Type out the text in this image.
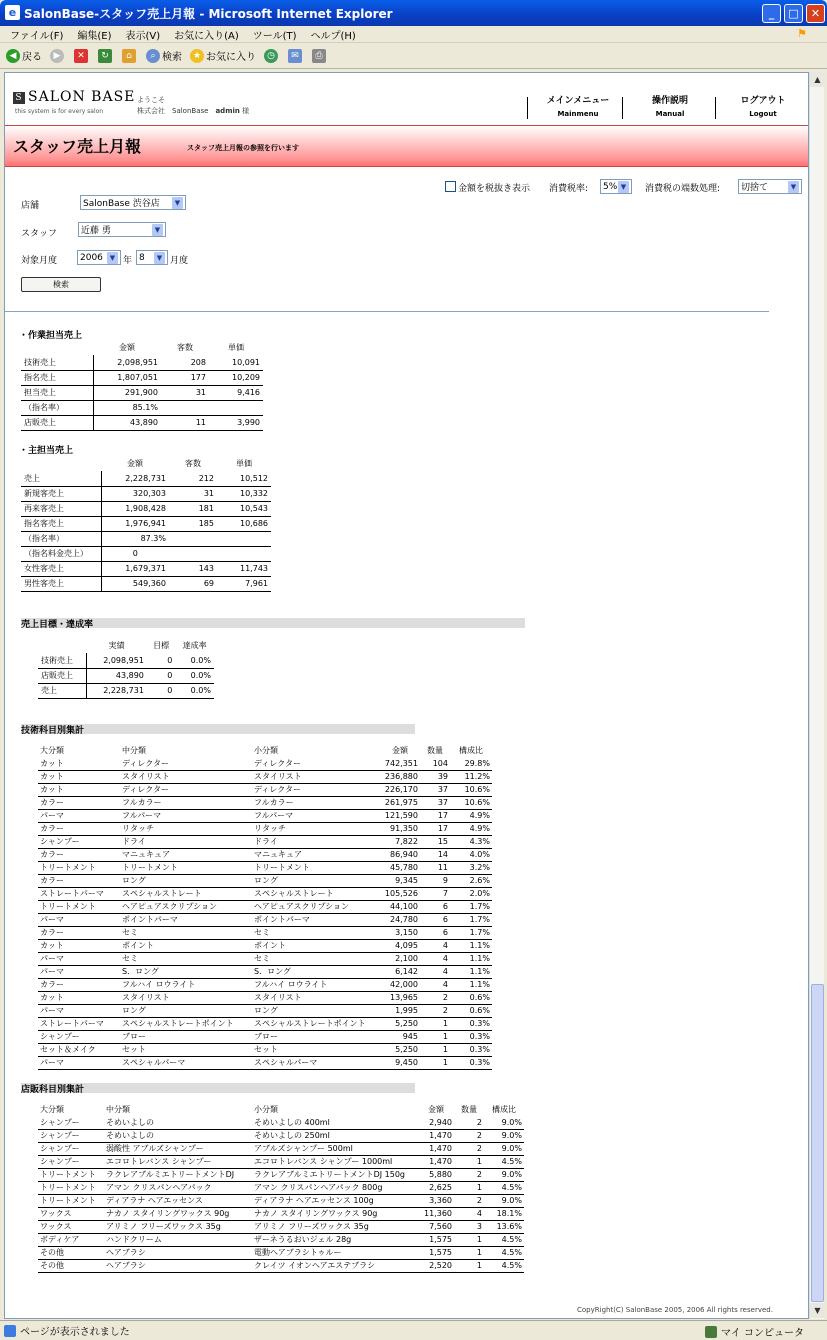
e SalonBase-スタッフ売上月報 - Microsoft Internet Explorer	_	□	✕
ファイル(F) 編集(E) 表示(V) お気に入り(A) ツール(T) ヘルプ(H)	⚑
◀ 戻る	▶	✕	↻	⌂	⌕ 検索	★ お気に入り	◷	✉	⎙
S SALON BASE
this system is for every salon
ようこそ
株式会社　SalonBase　 admin 様
メインメニュー
Mainmenu
操作説明
Manual
ログアウト
Logout
スタッフ売上月報	スタッフ売上月報の参照を行います
金額を税抜き表示 消費税率: 5% ▼	消費税の端数処理: 切捨て	▼
店舗	SalonBase 渋谷店	▼
スタッフ	近藤 勇	▼
対象月度	2006 ▼ 年 8	▼ 月度
検索
・作業担当売上
	金額	客数	単価
技術売上	2,098,951	208	10,091
指名売上	1,807,051	177	10,209
担当売上	291,900	31	9,416
（指名率）	85.1%		
店販売上	43,890	11	3,990
・主担当売上
	金額	客数	単価
売上	2,228,731	212	10,512
新規客売上	320,303	31	10,332
再来客売上	1,908,428	181	10,543
指名客売上	1,976,941	185	10,686
（指名率）	87.3%		
（指名料金売上）	0		
女性客売上	1,679,371	143	11,743
男性客売上	549,360	69	7,961
売上目標・達成率
	実績	目標	達成率
技術売上	2,098,951	0	0.0%
店販売上	43,890	0	0.0%
売上	2,228,731	0	0.0%
技術科目別集計
大分類	中分類	小分類	金額	数量	構成比
カット	ディレクター	ディレクター	742,351	104	29.8%
カット	スタイリスト	スタイリスト	236,880	39	11.2%
カット	ディレクター	ディレクター	226,170	37	10.6%
カラー	フルカラー	フルカラー	261,975	37	10.6%
パーマ	フルパーマ	フルパーマ	121,590	17	4.9%
カラー	リタッチ	リタッチ	91,350	17	4.9%
シャンプー	ドライ	ドライ	7,822	15	4.3%
カラー	マニュキュア	マニュキュア	86,940	14	4.0%
トリートメント	トリートメント	トリートメント	45,780	11	3.2%
カラー	ロング	ロング	9,345	9	2.6%
ストレートパーマ	スペシャルストレート	スペシャルストレート	105,526	7	2.0%
トリートメント	ヘアピュアスクリプション	ヘアピュアスクリプション	44,100	6	1.7%
パーマ	ポイントパーマ	ポイントパーマ	24,780	6	1.7%
カラー	セミ	セミ	3,150	6	1.7%
カット	ポイント	ポイント	4,095	4	1.1%
パーマ	セミ	セミ	2,100	4	1.1%
パーマ	S．ロング	S．ロング	6,142	4	1.1%
カラー	フルハイ ロウライト	フルハイ ロウライト	42,000	4	1.1%
カット	スタイリスト	スタイリスト	13,965	2	0.6%
パーマ	ロング	ロング	1,995	2	0.6%
ストレートパーマ	スペシャルストレートポイント	スペシャルストレートポイント	5,250	1	0.3%
シャンプー	ブロー	ブロー	945	1	0.3%
セット＆メイク	セット	セット	5,250	1	0.3%
パーマ	スペシャルパーマ	スペシャルパーマ	9,450	1	0.3%
店販科目別集計
大分類	中分類	小分類	金額	数量	構成比
シャンプー	そめいよしの	そめいよしの 400ml	2,940	2	9.0%
シャンプー	そめいよしの	そめいよしの 250ml	1,470	2	9.0%
シャンプー	弱酸性 アブルズシャンプー	アブルズシャンプー 500ml	1,470	2	9.0%
シャンプー	エコロトレバンス シャンプー	エコロトレバンス シャンプー 1000ml	1,470	1	4.5%
トリートメント	ラクレアブルミエトリートメントDJ	ラクレアブルミエトリートメントDJ 150g	5,880	2	9.0%
トリートメント	アマン クリスパンヘアパック	アマン クリスパンヘアパック 800g	2,625	1	4.5%
トリートメント	ディアラナ ヘアエッセンス	ディアラナ ヘアエッセンス 100g	3,360	2	9.0%
ワックス	ナカノ スタイリングワックス 90g	ナカノ スタイリングワックス 90g	11,360	4	18.1%
ワックス	アリミノ フリーズワックス 35g	アリミノ フリーズワックス 35g	7,560	3	13.6%
ボディケア	ハンドクリーム	ザーネうるおいジェル 28g	1,575	1	4.5%
その他	ヘアブラシ	電動ヘアブラシトゥルー	1,575	1	4.5%
その他	ヘアブラシ	クレイツ イオンヘアエステブラシ	2,520	1	4.5%
CopyRight(C) SalonBase 2005, 2006 All rights reserved.
▲
▼
ページが表示されました	マイ コンピュータ
